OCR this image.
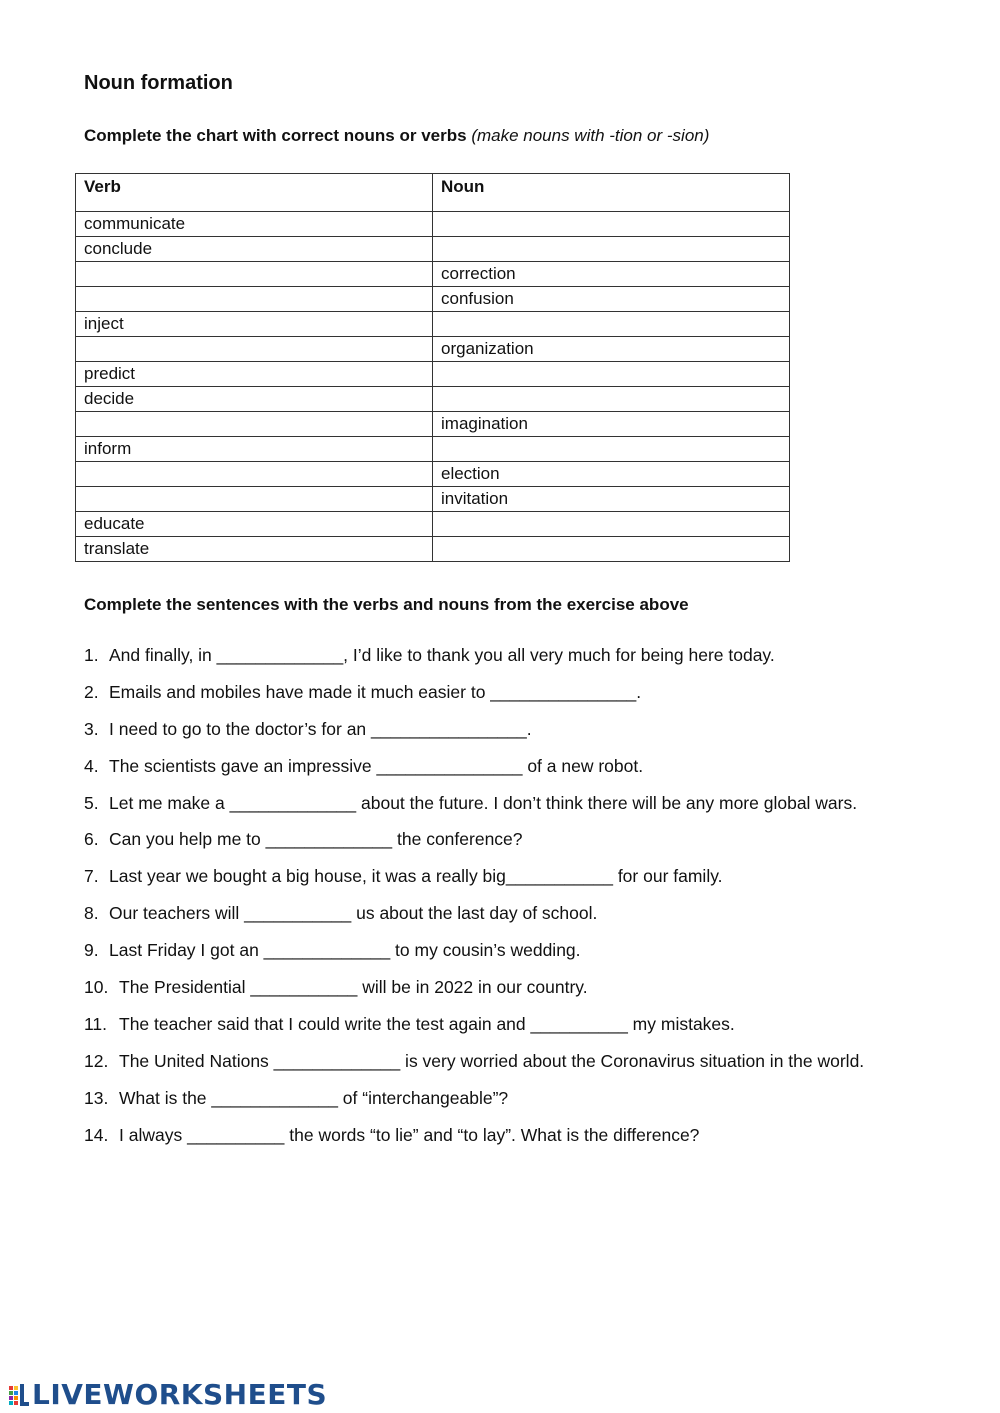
Noun formation

Complete the chart with correct nouns or verbs (make nouns with -tion or -sion)

Verb	Noun
communicate	
conclude	
	correction
	confusion
inject	
	organization
predict	
decide	
	imagination
inform	
	election
	invitation
educate	
translate	
Complete the sentences with the verbs and nouns from the exercise above
1. And finally, in _____________, I’d like to thank you all very much for being here today.
2. Emails and mobiles have made it much easier to _______________.
3. I need to go to the doctor’s for an ________________.
4. The scientists gave an impressive _______________ of a new robot.
5. Let me make a _____________ about the future. I don’t think there will be any more global wars.
6. Can you help me to _____________ the conference?
7. Last year we bought a big house, it was a really big___________ for our family.
8. Our teachers will ___________ us about the last day of school.
9. Last Friday I got an _____________ to my cousin’s wedding.
10. The Presidential ___________ will be in 2022 in our country.
11. The teacher said that I could write the test again and __________ my mistakes.
12. The United Nations _____________ is very worried about the Coronavirus situation in the world.
13. What is the _____________ of “interchangeable”?
14. I always __________ the words “to lie” and “to lay”. What is the difference?
LIVEWORKSHEETS
